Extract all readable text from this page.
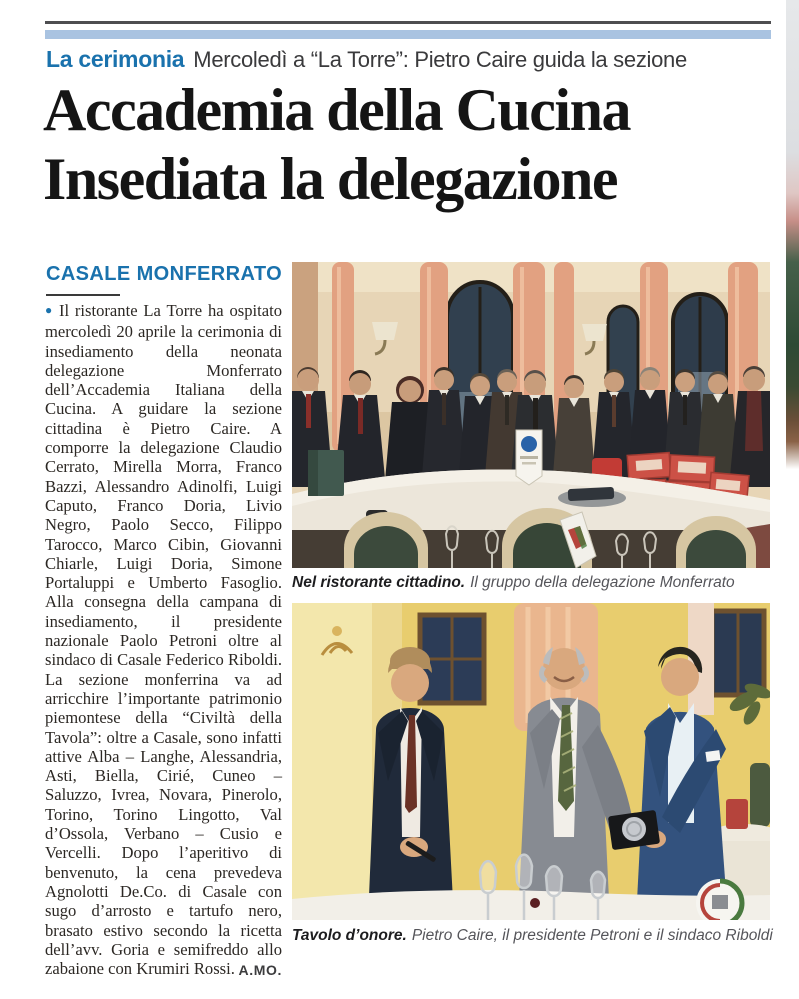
La cerimonia Mercoledì a “La Torre”: Pietro Caire guida la sezione
Accademia della Cucina
Insediata la delegazione
CASALE MONFERRATO

● Il ristorante La Torre ha ospitato mercoledì 20 aprile la cerimonia di insediamento della neonata delegazione Monferrato dell’Accademia Italiana della Cucina. A guidare la sezione cittadina è Pietro Caire. A comporre la delegazione Claudio Cerrato, Mirella Morra, Franco Bazzi, Alessandro Adinolfi, Luigi Caputo, Franco Doria, Livio Negro, Paolo Secco, Filippo Tarocco, Marco Cibin, Giovanni Chiarle, Luigi Doria, Simone Portaluppi e Umberto Fasoglio. Alla consegna della campana di insediamento, il presidente nazionale Paolo Petroni oltre al sindaco di Casale Federico Riboldi. La sezione monferrina va ad arricchire l’importante patrimonio piemontese della “Civiltà della Tavola”: oltre a Casale, sono infatti attive Alba – Langhe, Alessandria, Asti, Biella, Cirié, Cuneo – Saluzzo, Ivrea, Novara, Pinerolo, Torino, Torino Lingotto, Val d’Ossola, Verbano – Cusio e Vercelli. Dopo l’aperitivo di benvenuto, la cena prevedeva Agnolotti De.Co. di Casale con sugo d’arrosto e tartufo nero, brasato estivo secondo la ricetta dell’avv. Goria e semifreddo allo zabaione con Krumiri Rossi. A.MO.

Nel ristorante cittadino. Il gruppo della delegazione Monferrato
Tavolo d’onore. Pietro Caire, il presidente Petroni e il sindaco Riboldi
